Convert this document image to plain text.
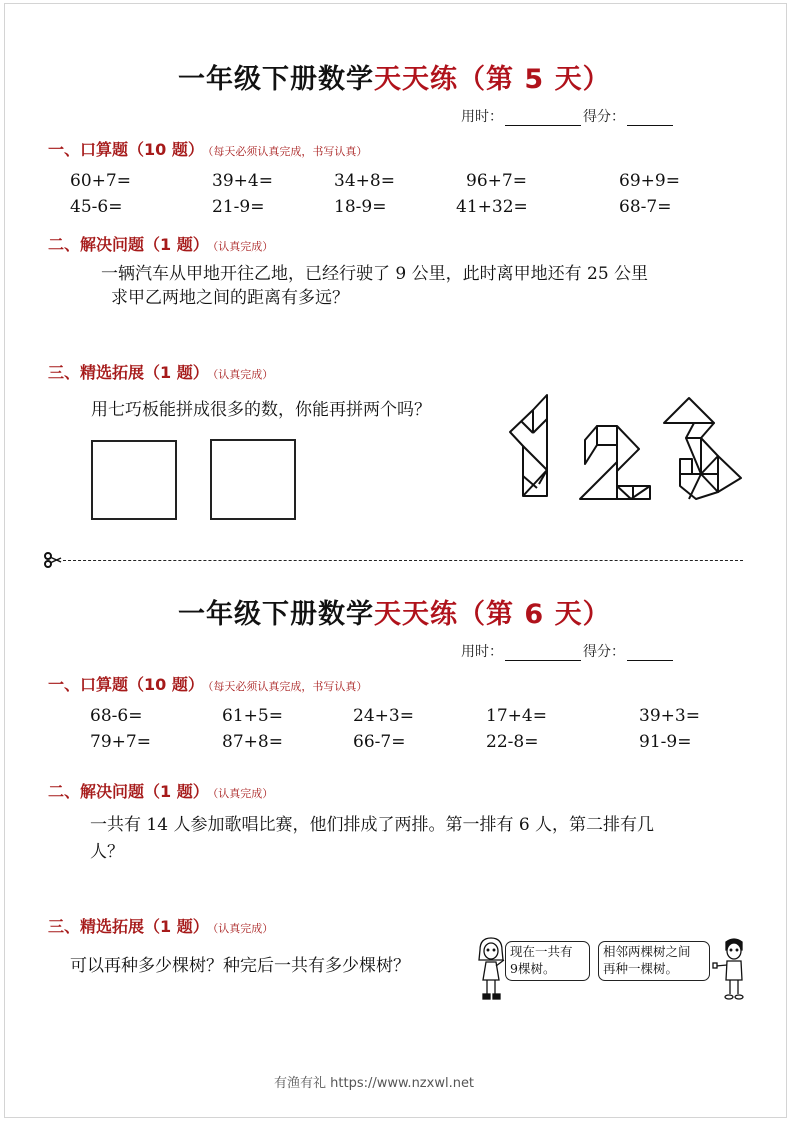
一年级下册数学天天练（第 5 天）
用时：	得分：
一、口算题（10 题） （每天必须认真完成，书写认真）
60+7=	39+4=	34+8=	96+7=	69+9=
45-6=	21-9=	18-9=	41+32=	68-7=
二、解决问题（1 题） （认真完成）
一辆汽车从甲地开往乙地，已经行驶了 9 公里，此时离甲地还有 25 公里
求甲乙两地之间的距离有多远？
三、精选拓展（1 题） （认真完成）
用七巧板能拼成很多的数，你能再拼两个吗？
一年级下册数学天天练（第 6 天）
用时：	得分：
一、口算题（10 题） （每天必须认真完成，书写认真）
68-6=	61+5=	24+3=	17+4=	39+3=
79+7=	87+8=	66-7=	22-8=	91-9=
二、解决问题（1 题） （认真完成）
一共有 14 人参加歌唱比赛，他们排成了两排。第一排有 6 人，第二排有几
人？
三、精选拓展（1 题） （认真完成）
可以再种多少棵树？种完后一共有多少棵树？
现在一共有
9棵树。
相邻两棵树之间
再种一棵树。
有渔有礼 https://www.nzxwl.net
